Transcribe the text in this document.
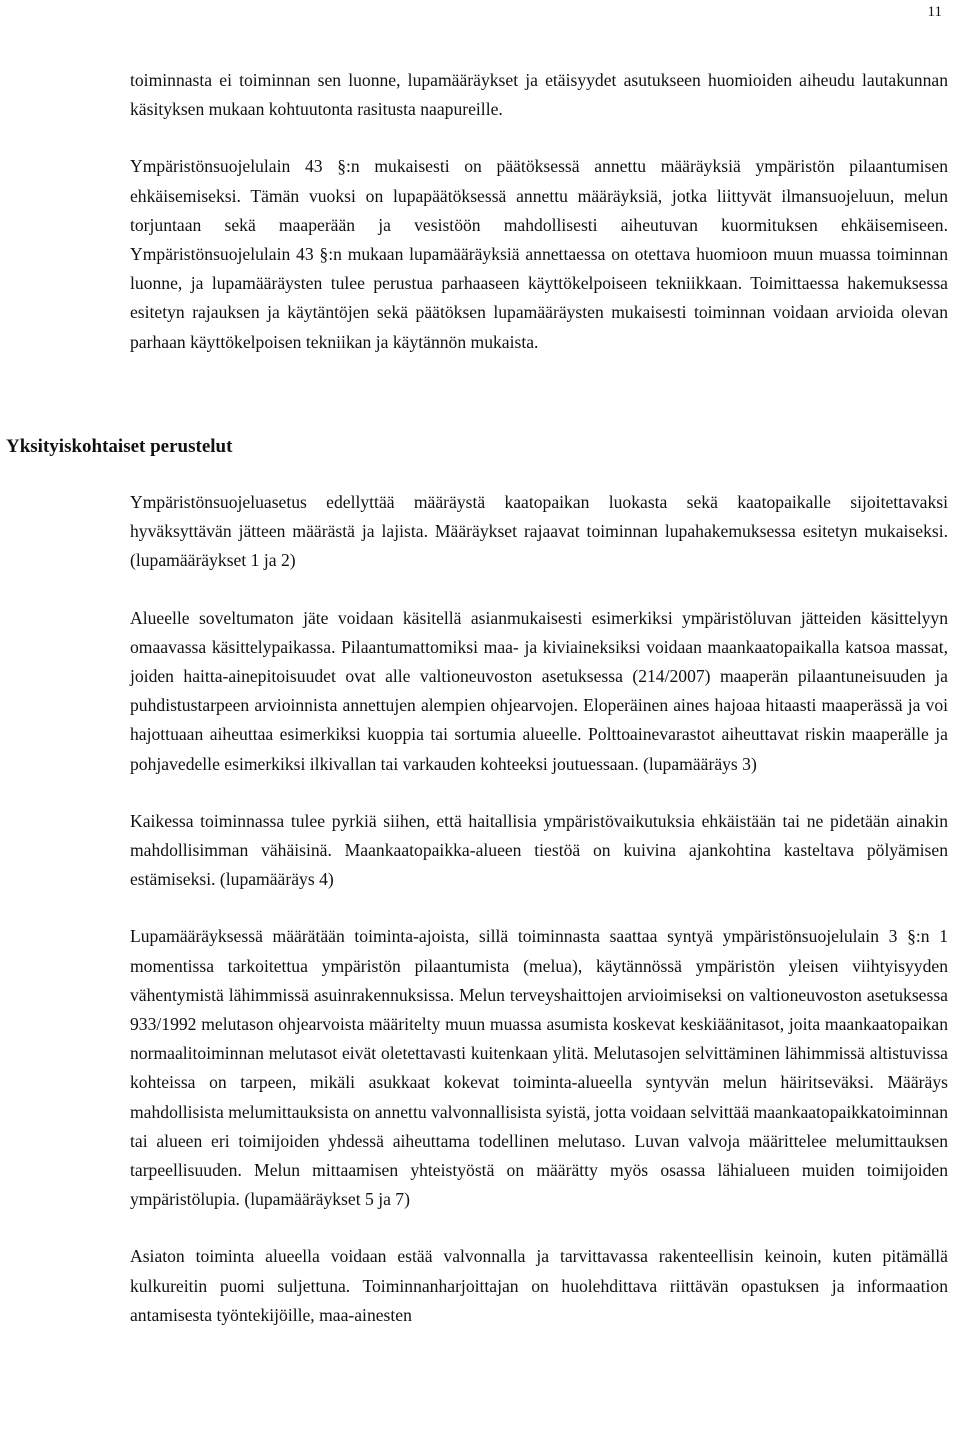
11

toiminnasta ei toiminnan sen luonne, lupamääräykset ja etäisyydet asutukseen huomioiden aiheudu lautakunnan käsityksen mukaan kohtuutonta rasitusta naapureille.

Ympäristönsuojelulain 43 §:n mukaisesti on päätöksessä annettu määräyksiä ympäristön pilaantumisen ehkäisemiseksi. Tämän vuoksi on lupapäätöksessä annettu määräyksiä, jotka liittyvät ilmansuojeluun, melun torjuntaan sekä maaperään ja vesistöön mahdollisesti aiheutuvan kuormituksen ehkäisemiseen. Ympäristönsuojelulain 43 §:n mukaan lupamääräyksiä annettaessa on otettava huomioon muun muassa toiminnan luonne, ja lupamääräysten tulee perustua parhaaseen käyttökelpoiseen tekniikkaan. Toimittaessa hakemuksessa esitetyn rajauksen ja käytäntöjen sekä päätöksen lupamääräysten mukaisesti toiminnan voidaan arvioida olevan parhaan käyttökelpoisen tekniikan ja käytännön mukaista.

Yksityiskohtaiset perustelut

Ympäristönsuojeluasetus edellyttää määräystä kaatopaikan luokasta sekä kaatopaikalle sijoitettavaksi hyväksyttävän jätteen määrästä ja lajista. Määräykset rajaavat toiminnan lupahakemuksessa esitetyn mukaiseksi. (lupamääräykset 1 ja 2)

Alueelle soveltumaton jäte voidaan käsitellä asianmukaisesti esimerkiksi ympäristöluvan jätteiden käsittelyyn omaavassa käsittelypaikassa. Pilaantumattomiksi maa- ja kiviaineksiksi voidaan maankaatopaikalla katsoa massat, joiden haitta-ainepitoisuudet ovat alle valtioneuvoston asetuksessa (214/2007) maaperän pilaantuneisuuden ja puhdistustarpeen arvioinnista annettujen alempien ohjearvojen. Eloperäinen aines hajoaa hitaasti maaperässä ja voi hajottuaan aiheuttaa esimerkiksi kuoppia tai sortumia alueelle. Polttoainevarastot aiheuttavat riskin maaperälle ja pohjavedelle esimerkiksi ilkivallan tai varkauden kohteeksi joutuessaan. (lupamääräys 3)

Kaikessa toiminnassa tulee pyrkiä siihen, että haitallisia ympäristövaikutuksia ehkäistään tai ne pidetään ainakin mahdollisimman vähäisinä. Maankaatopaikka-alueen tiestöä on kuivina ajankohtina kasteltava pölyämisen estämiseksi. (lupamääräys 4)

Lupamääräyksessä määrätään toiminta-ajoista, sillä toiminnasta saattaa syntyä ympäristönsuojelulain 3 §:n 1 momentissa tarkoitettua ympäristön pilaantumista (melua), käytännössä ympäristön yleisen viihtyisyyden vähentymistä lähimmissä asuinrakennuksissa. Melun terveyshaittojen arvioimiseksi on valtioneuvoston asetuksessa 933/1992 melutason ohjearvoista määritelty muun muassa asumista koskevat keskiäänitasot, joita maankaatopaikan normaalitoiminnan melutasot eivät oletettavasti kuitenkaan ylitä. Melutasojen selvittäminen lähimmissä altistuvissa kohteissa on tarpeen, mikäli asukkaat kokevat toiminta-alueella syntyvän melun häiritseväksi. Määräys mahdollisista melumittauksista on annettu valvonnallisista syistä, jotta voidaan selvittää maankaatopaikkatoiminnan tai alueen eri toimijoiden yhdessä aiheuttama todellinen melutaso. Luvan valvoja määrittelee melumittauksen tarpeellisuuden. Melun mittaamisen yhteistyöstä on määrätty myös osassa lähialueen muiden toimijoiden ympäristölupia. (lupamääräykset 5 ja 7)

Asiaton toiminta alueella voidaan estää valvonnalla ja tarvittavassa rakenteellisin keinoin, kuten pitämällä kulkureitin puomi suljettuna. Toiminnanharjoittajan on huolehdittava riittävän opastuksen ja informaation antamisesta työntekijöille, maa-ainesten
